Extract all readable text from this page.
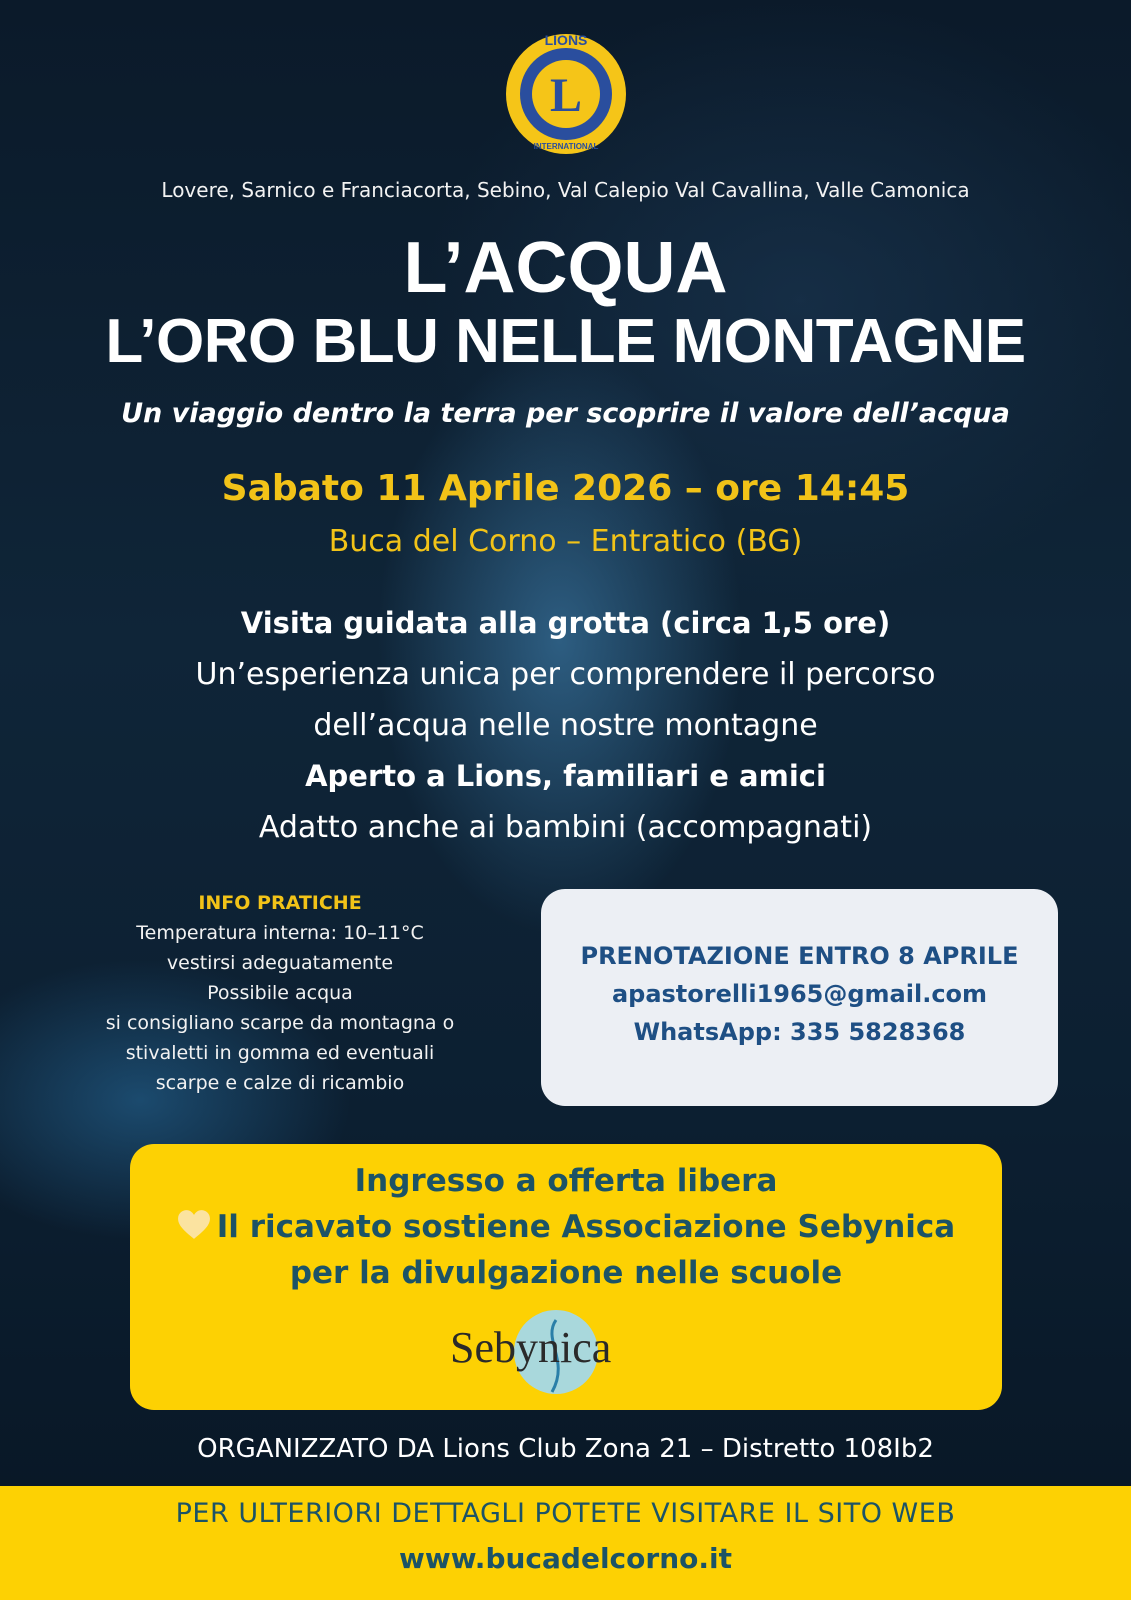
L
LIONS
INTERNATIONAL
Lovere, Sarnico e Franciacorta, Sebino, Val Calepio Val Cavallina, Valle Camonica
L’ACQUA
L’ORO BLU NELLE MONTAGNE
Un viaggio dentro la terra per scoprire il valore dell’acqua
Sabato 11 Aprile 2026 – ore 14:45
Buca del Corno – Entratico (BG)
Visita guidata alla grotta (circa 1,5 ore)
Un’esperienza unica per comprendere il percorso
dell’acqua nelle nostre montagne
Aperto a Lions, familiari e amici
Adatto anche ai bambini (accompagnati)
INFO PRATICHE
Temperatura interna: 10–11°C
vestirsi adeguatamente
Possibile acqua
si consigliano scarpe da montagna o
stivaletti in gomma ed eventuali
scarpe e calze di ricambio
PRENOTAZIONE ENTRO 8 APRILE
apastorelli1965@gmail.com
WhatsApp: 335 5828368
Ingresso a offerta libera
Il ricavato sostiene Associazione Sebynica
per la divulgazione nelle scuole
Sebynica
ORGANIZZATO DA Lions Club Zona 21 – Distretto 108Ib2
PER ULTERIORI DETTAGLI POTETE VISITARE IL SITO WEB
www.bucadelcorno.it
